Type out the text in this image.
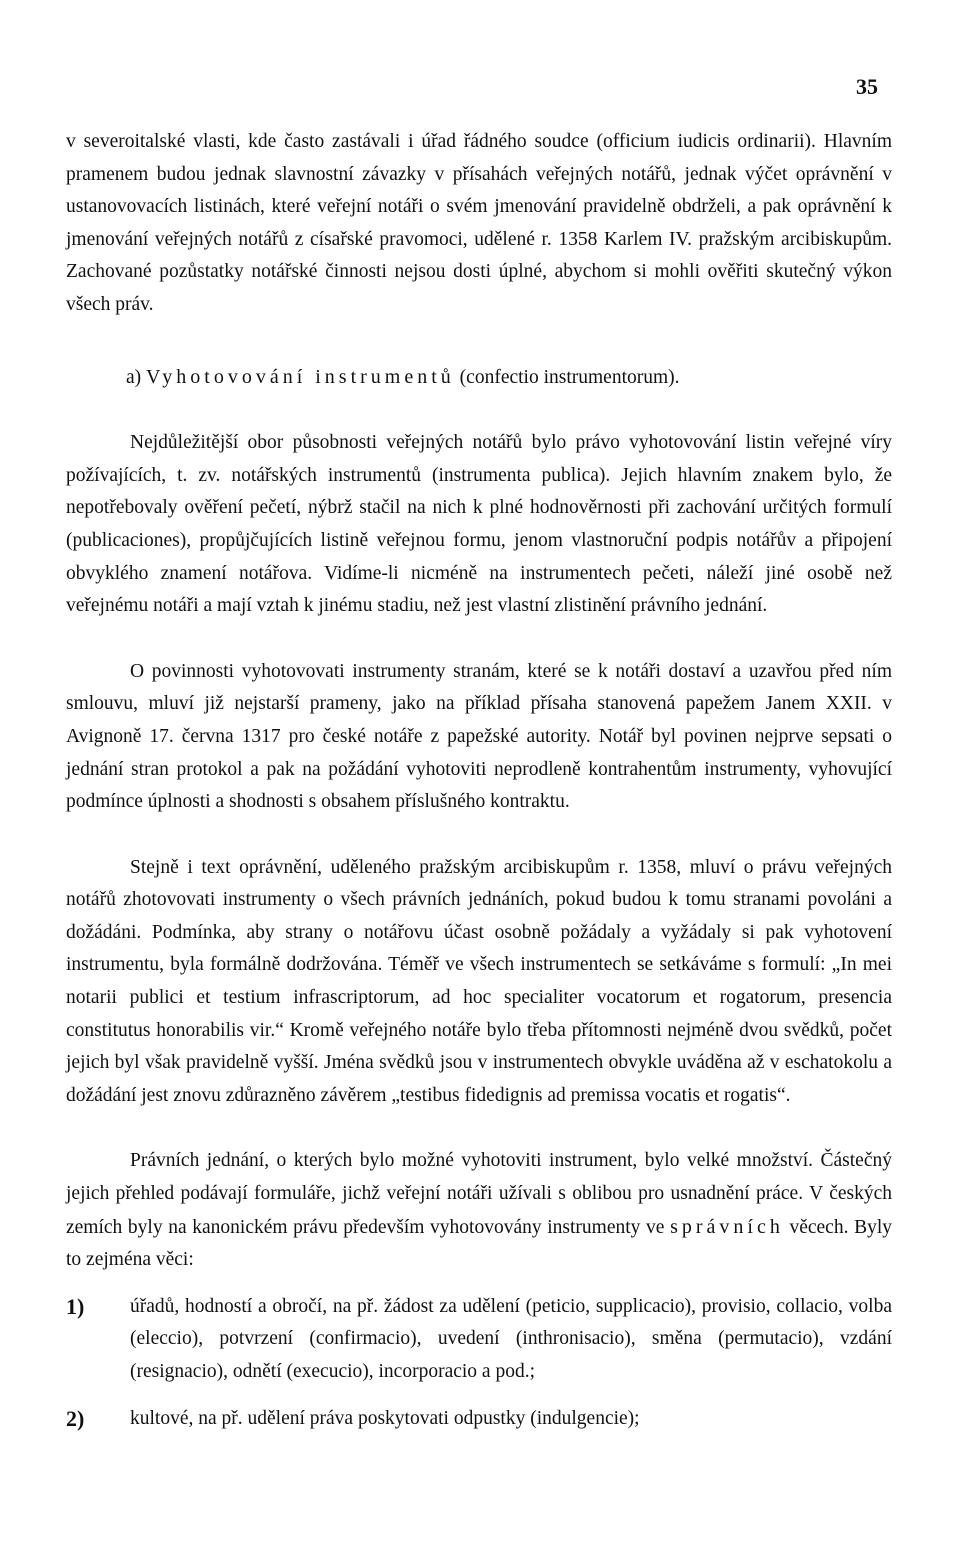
35

v severoitalské vlasti, kde často zastávali i úřad řádného soudce (officium iudicis ordinarii). Hlavním pramenem budou jednak slavnostní závazky v přísahách veřejných notářů, jednak výčet oprávnění v ustanovovacích listinách, které veřejní notáři o svém jmenování pravidelně obdrželi, a pak oprávnění k jmenování veřejných notářů z císařské pravomoci, udělené r. 1358 Karlem IV. pražským arcibiskupům. Zachované pozůstatky notářské činnosti nejsou dosti úplné, abychom si mohli ověřiti skutečný výkon všech práv.

a) Vyhotovování instrumentů (confectio instrumentorum).

Nejdůležitější obor působnosti veřejných notářů bylo právo vyhotovování listin veřejné víry požívajících, t. zv. notářských instrumentů (instrumenta publica). Jejich hlavním znakem bylo, že nepotřebovaly ověření pečetí, nýbrž stačil na nich k plné hodnověrnosti při zachování určitých formulí (publicaciones), propůjčujících listině veřejnou formu, jenom vlastnoruční podpis notářův a připojení obvyklého znamení notářova. Vidíme-li nicméně na instrumentech pečeti, náleží jiné osobě než veřejnému notáři a mají vztah k jinému stadiu, než jest vlastní zlistinění právního jednání.

O povinnosti vyhotovovati instrumenty stranám, které se k notáři dostaví a uzavřou před ním smlouvu, mluví již nejstarší prameny, jako na příklad přísaha stanovená papežem Janem XXII. v Avignoně 17. června 1317 pro české notáře z papežské autority. Notář byl povinen nejprve sepsati o jednání stran protokol a pak na požádání vyhotoviti neprodleně kontrahentům instrumenty, vyhovující podmínce úplnosti a shodnosti s obsahem příslušného kontraktu.

Stejně i text oprávnění, uděleného pražským arcibiskupům r. 1358, mluví o právu veřejných notářů zhotovovati instrumenty o všech právních jednáních, pokud budou k tomu stranami povoláni a dožádáni. Podmínka, aby strany o notářovu účast osobně požádaly a vyžádaly si pak vyhotovení instrumentu, byla formálně dodržována. Téměř ve všech instrumentech se setkáváme s formulí: „In mei notarii publici et testium infrascriptorum, ad hoc specialiter vocatorum et rogatorum, presencia constitutus honorabilis vir.“ Kromě veřejného notáře bylo třeba přítomnosti nejméně dvou svědků, počet jejich byl však pravidelně vyšší. Jména svědků jsou v instrumentech obvykle uváděna až v eschatokolu a dožádání jest znovu zdůrazněno závěrem „testibus fidedignis ad premissa vocatis et rogatis“.

Právních jednání, o kterých bylo možné vyhotoviti instrument, bylo velké množství. Částečný jejich přehled podávají formuláře, jichž veřejní notáři užívali s oblibou pro usnadnění práce. V českých zemích byly na kanonickém právu především vyhotovovány instrumenty ve správních věcech. Byly to zejména věci:

1)	úřadů, hodností a obročí, na př. žádost za udělení (peticio, supplicacio), provisio, collacio, volba (eleccio), potvrzení (confirmacio), uvedení (inthronisacio), směna (permutacio), vzdání (resignacio), odnětí (execucio), incorporacio a pod.;
2)	kultové, na př. udělení práva poskytovati odpustky (indulgencie);
